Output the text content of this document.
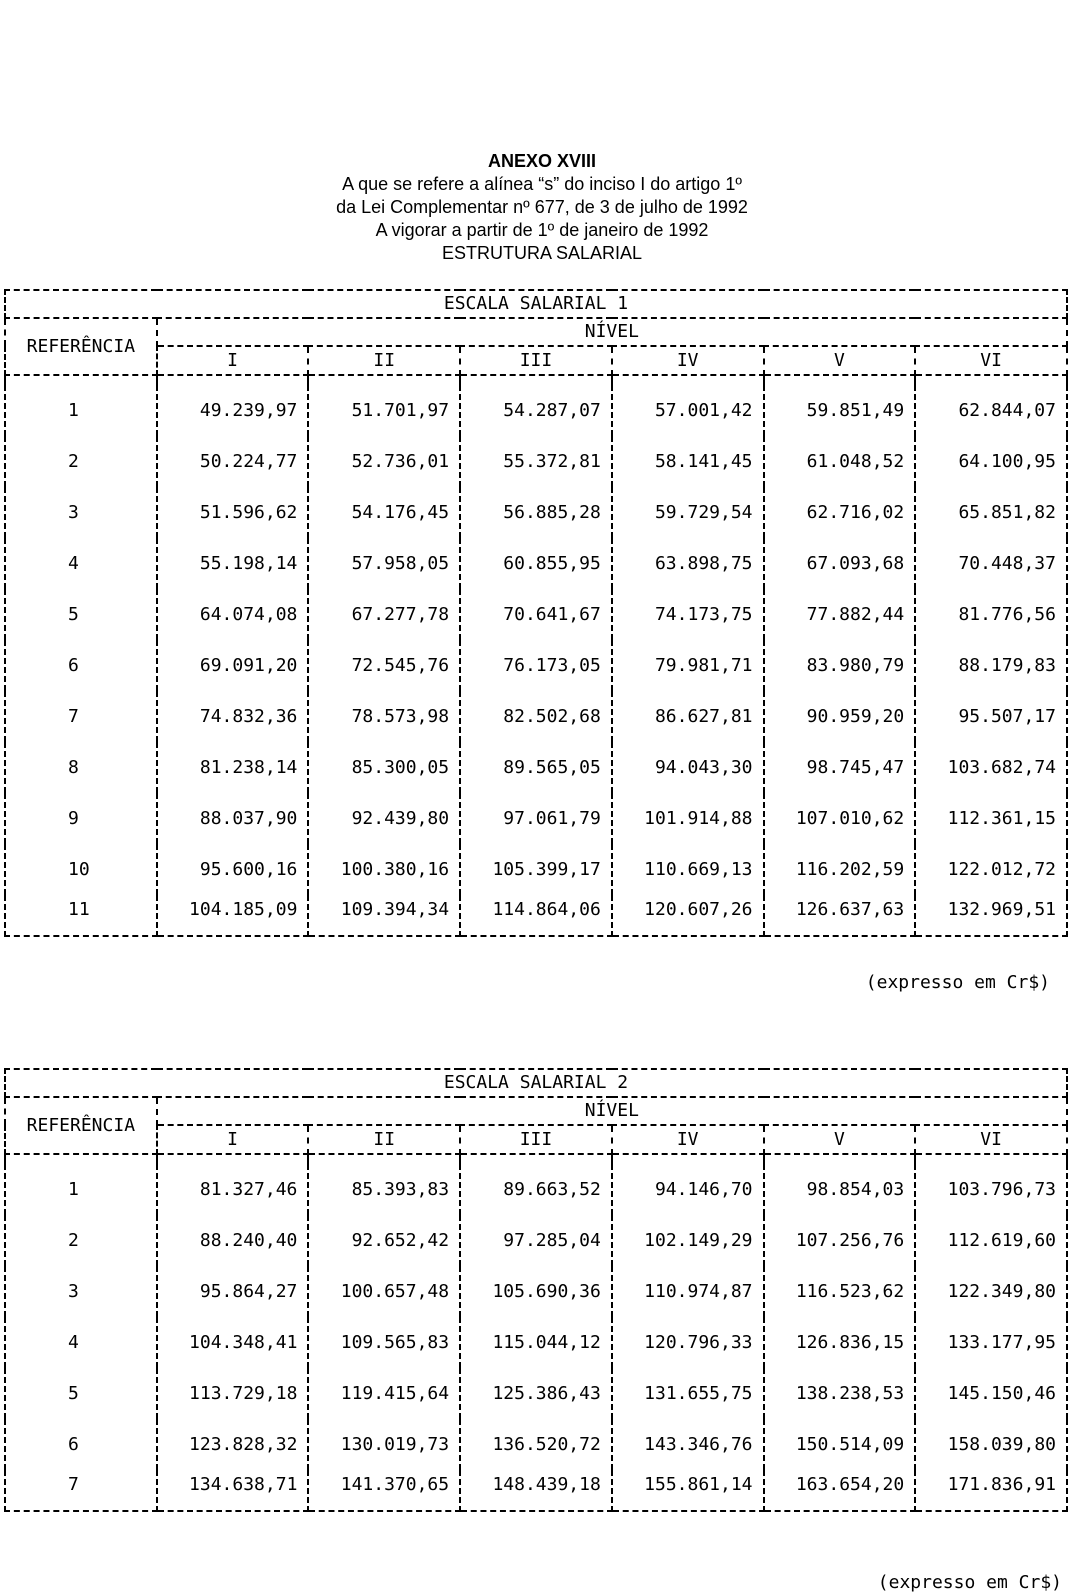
ANEXO XVIII
A que se refere a alínea “s” do inciso I do artigo 1º
da Lei Complementar nº 677, de 3 de julho de 1992
A vigorar a partir de 1º de janeiro de 1992
ESTRUTURA SALARIAL
ESCALA SALARIAL 1						
REFERÊNCIA	NÍVEL					
	I	II	III	IV	V	VI

1	49.239,97	51.701,97	54.287,07	57.001,42	59.851,49	62.844,07
2	50.224,77	52.736,01	55.372,81	58.141,45	61.048,52	64.100,95
3	51.596,62	54.176,45	56.885,28	59.729,54	62.716,02	65.851,82
4	55.198,14	57.958,05	60.855,95	63.898,75	67.093,68	70.448,37
5	64.074,08	67.277,78	70.641,67	74.173,75	77.882,44	81.776,56
6	69.091,20	72.545,76	76.173,05	79.981,71	83.980,79	88.179,83
7	74.832,36	78.573,98	82.502,68	86.627,81	90.959,20	95.507,17
8	81.238,14	85.300,05	89.565,05	94.043,30	98.745,47	103.682,74
9	88.037,90	92.439,80	97.061,79	101.914,88	107.010,62	112.361,15
10	95.600,16	100.380,16	105.399,17	110.669,13	116.202,59	122.012,72
11	104.185,09	109.394,34	114.864,06	120.607,26	126.637,63	132.969,51
(expresso em Cr$)
ESCALA SALARIAL 2						
REFERÊNCIA	NÍVEL					
	I	II	III	IV	V	VI

1	81.327,46	85.393,83	89.663,52	94.146,70	98.854,03	103.796,73
2	88.240,40	92.652,42	97.285,04	102.149,29	107.256,76	112.619,60
3	95.864,27	100.657,48	105.690,36	110.974,87	116.523,62	122.349,80
4	104.348,41	109.565,83	115.044,12	120.796,33	126.836,15	133.177,95
5	113.729,18	119.415,64	125.386,43	131.655,75	138.238,53	145.150,46
6	123.828,32	130.019,73	136.520,72	143.346,76	150.514,09	158.039,80
7	134.638,71	141.370,65	148.439,18	155.861,14	163.654,20	171.836,91
(expresso em Cr$)
